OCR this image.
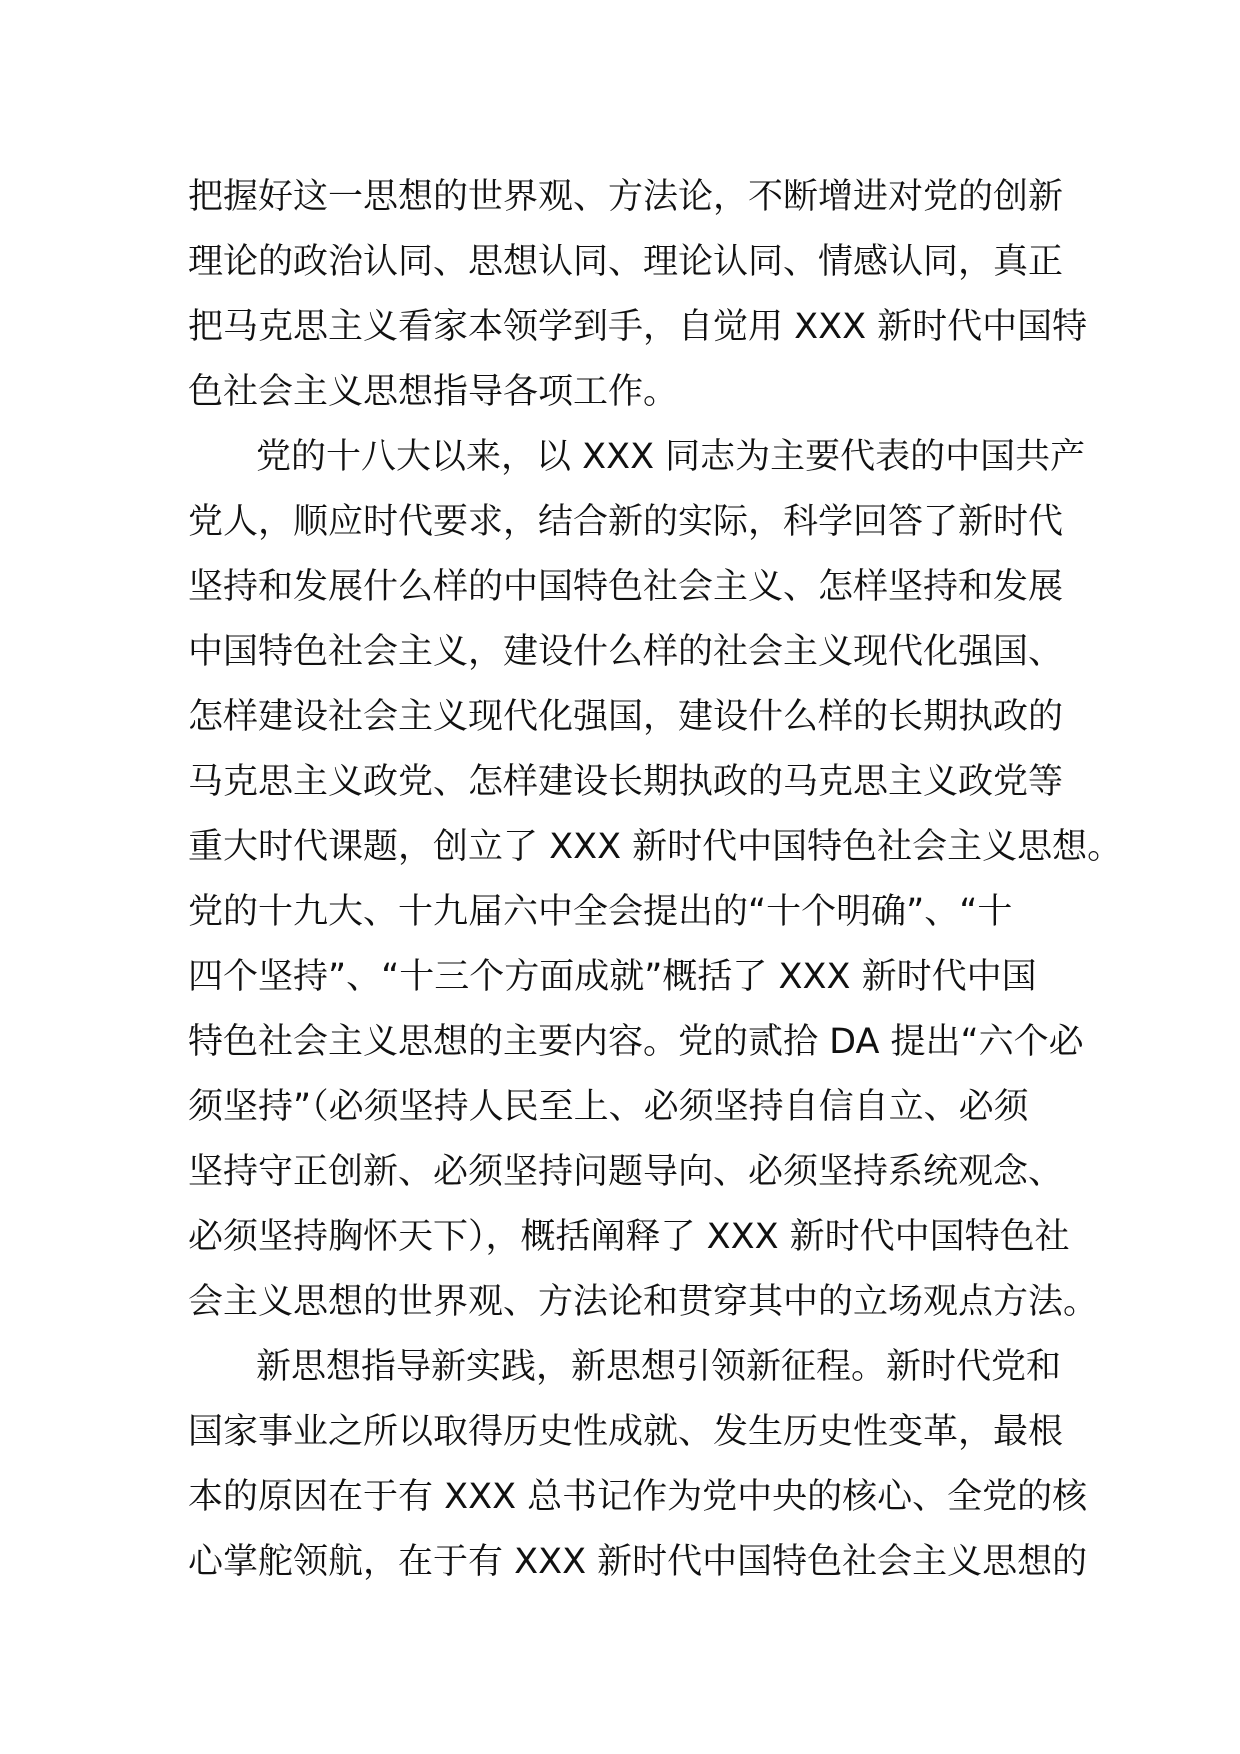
把握好这一思想的世界观、方法论，不断增进对党的创新
理论的政治认同、思想认同、理论认同、情感认同，真正
把马克思主义看家本领学到手，自觉用 XXX 新时代中国特
色社会主义思想指导各项工作。
党的十八大以来，以 XXX 同志为主要代表的中国共产
党人，顺应时代要求，结合新的实际，科学回答了新时代
坚持和发展什么样的中国特色社会主义、怎样坚持和发展
中国特色社会主义，建设什么样的社会主义现代化强国、
怎样建设社会主义现代化强国，建设什么样的长期执政的
马克思主义政党、怎样建设长期执政的马克思主义政党等
重大时代课题，创立了 XXX 新时代中国特色社会主义思想。
党的十九大、十九届六中全会提出的“十个明确”、“十
四个坚持”、“十三个方面成就”概括了 XXX 新时代中国
特色社会主义思想的主要内容。党的贰拾 DA 提出“六个必
须坚持”（必须坚持人民至上、必须坚持自信自立、必须
坚持守正创新、必须坚持问题导向、必须坚持系统观念、
必须坚持胸怀天下），概括阐释了 XXX 新时代中国特色社
会主义思想的世界观、方法论和贯穿其中的立场观点方法。
新思想指导新实践，新思想引领新征程。新时代党和
国家事业之所以取得历史性成就、发生历史性变革，最根
本的原因在于有 XXX 总书记作为党中央的核心、全党的核
心掌舵领航，在于有 XXX 新时代中国特色社会主义思想的
